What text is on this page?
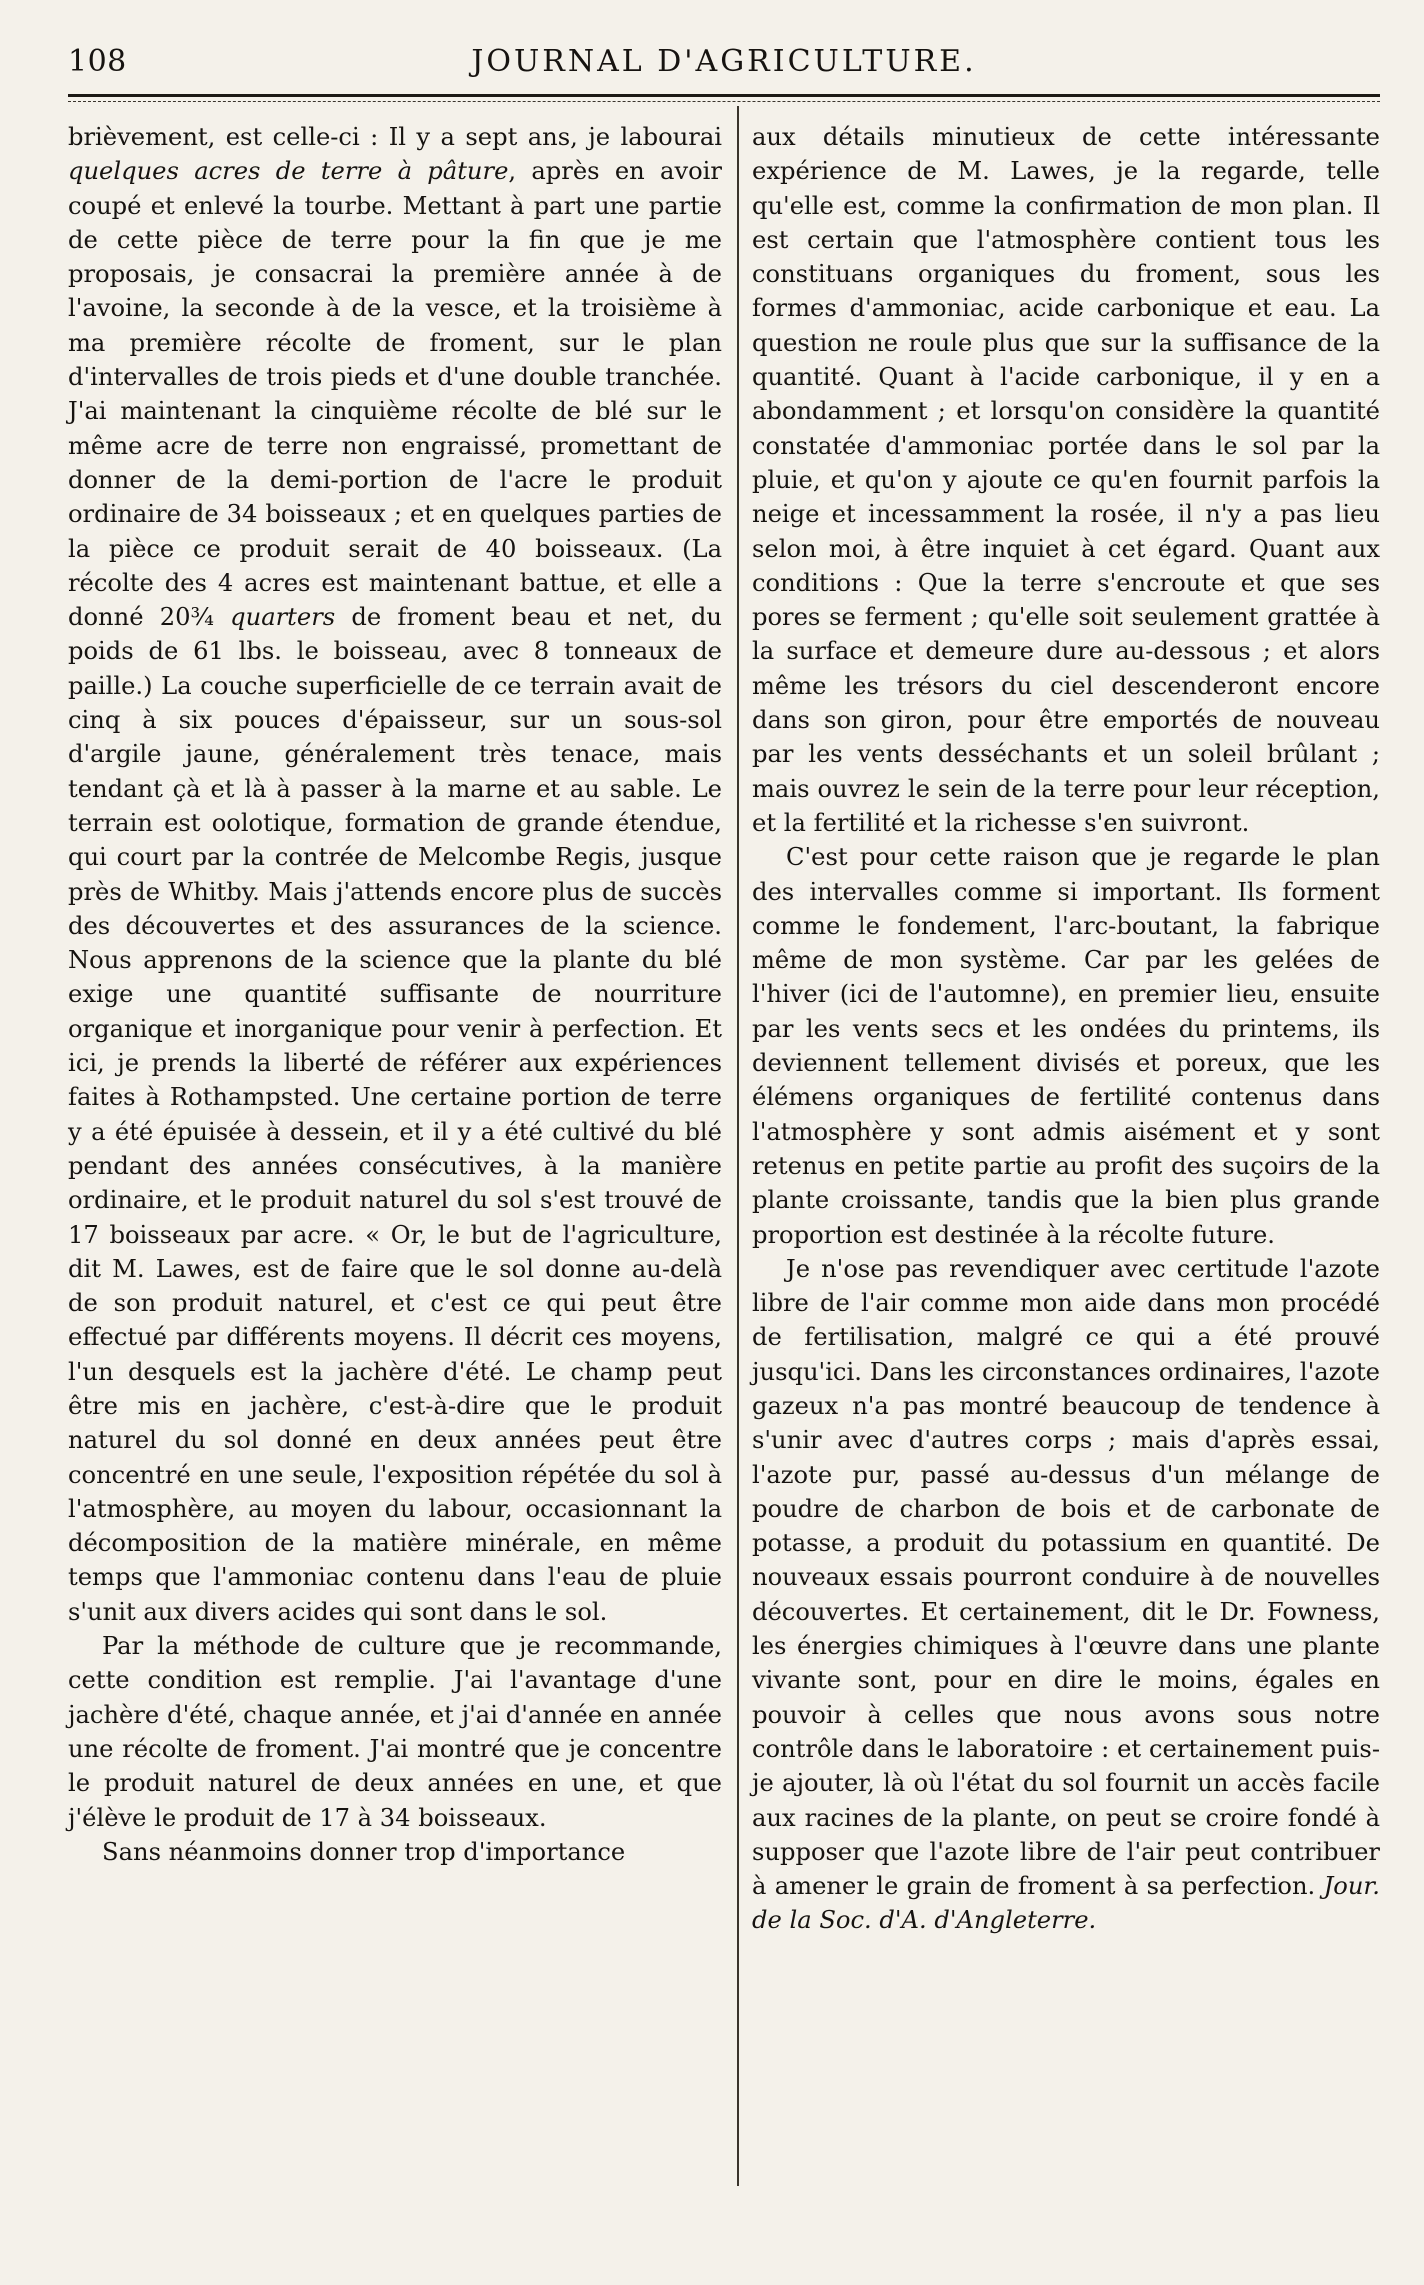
108	JOURNAL D'AGRICULTURE.

brièvement, est celle-ci : Il y a sept ans, je labourai quelques acres de terre à pâture, après en avoir coupé et enlevé la tourbe. Mettant à part une partie de cette pièce de terre pour la fin que je me proposais, je consacrai la première année à de l'avoine, la seconde à de la vesce, et la troisième à ma première récolte de froment, sur le plan d'intervalles de trois pieds et d'une double tranchée. J'ai maintenant la cinquième récolte de blé sur le même acre de terre non engraissé, promettant de donner de la demi-portion de l'acre le produit ordinaire de 34 boisseaux ; et en quelques parties de la pièce ce produit serait de 40 boisseaux. (La récolte des 4 acres est maintenant battue, et elle a donné 20¾ quarters de froment beau et net, du poids de 61 lbs. le boisseau, avec 8 tonneaux de paille.) La couche superficielle de ce terrain avait de cinq à six pouces d'épaisseur, sur un sous-sol d'argile jaune, généralement très tenace, mais tendant çà et là à passer à la marne et au sable. Le terrain est oolotique, formation de grande étendue, qui court par la contrée de Melcombe Regis, jusque près de Whitby. Mais j'attends encore plus de succès des découvertes et des assurances de la science. Nous apprenons de la science que la plante du blé exige une quantité suffisante de nourriture organique et inorganique pour venir à perfection. Et ici, je prends la liberté de référer aux expériences faites à Rothampsted. Une certaine portion de terre y a été épuisée à dessein, et il y a été cultivé du blé pendant des années consécutives, à la manière ordinaire, et le produit naturel du sol s'est trouvé de 17 boisseaux par acre. « Or, le but de l'agriculture, dit M. Lawes, est de faire que le sol donne au-delà de son produit naturel, et c'est ce qui peut être effectué par différents moyens. Il décrit ces moyens, l'un desquels est la jachère d'été. Le champ peut être mis en jachère, c'est-à-dire que le produit naturel du sol donné en deux années peut être concentré en une seule, l'exposition répétée du sol à l'atmosphère, au moyen du labour, occasionnant la décomposition de la matière minérale, en même temps que l'ammoniac contenu dans l'eau de pluie s'unit aux divers acides qui sont dans le sol.

Par la méthode de culture que je recommande, cette condition est remplie. J'ai l'avantage d'une jachère d'été, chaque année, et j'ai d'année en année une récolte de froment. J'ai montré que je concentre le produit naturel de deux années en une, et que j'élève le produit de 17 à 34 boisseaux.

Sans néanmoins donner trop d'importance

aux détails minutieux de cette intéressante expérience de M. Lawes, je la regarde, telle qu'elle est, comme la confirmation de mon plan. Il est certain que l'atmosphère contient tous les constituans organiques du froment, sous les formes d'ammoniac, acide carbonique et eau. La question ne roule plus que sur la suffisance de la quantité. Quant à l'acide carbonique, il y en a abondamment ; et lorsqu'on considère la quantité constatée d'ammoniac portée dans le sol par la pluie, et qu'on y ajoute ce qu'en fournit parfois la neige et incessamment la rosée, il n'y a pas lieu selon moi, à être inquiet à cet égard. Quant aux conditions : Que la terre s'encroute et que ses pores se ferment ; qu'elle soit seulement grattée à la surface et demeure dure au-dessous ; et alors même les trésors du ciel descenderont encore dans son giron, pour être emportés de nouveau par les vents desséchants et un soleil brûlant ; mais ouvrez le sein de la terre pour leur réception, et la fertilité et la richesse s'en suivront.

C'est pour cette raison que je regarde le plan des intervalles comme si important. Ils forment comme le fondement, l'arc-boutant, la fabrique même de mon système. Car par les gelées de l'hiver (ici de l'automne), en premier lieu, ensuite par les vents secs et les ondées du printems, ils deviennent tellement divisés et poreux, que les élémens organiques de fertilité contenus dans l'atmosphère y sont admis aisément et y sont retenus en petite partie au profit des suçoirs de la plante croissante, tandis que la bien plus grande proportion est destinée à la récolte future.

Je n'ose pas revendiquer avec certitude l'azote libre de l'air comme mon aide dans mon procédé de fertilisation, malgré ce qui a été prouvé jusqu'ici. Dans les circonstances ordinaires, l'azote gazeux n'a pas montré beaucoup de tendence à s'unir avec d'autres corps ; mais d'après essai, l'azote pur, passé au-dessus d'un mélange de poudre de charbon de bois et de carbonate de potasse, a produit du potassium en quantité. De nouveaux essais pourront conduire à de nouvelles découvertes. Et certainement, dit le Dr. Fowness, les énergies chimiques à l'œuvre dans une plante vivante sont, pour en dire le moins, égales en pouvoir à celles que nous avons sous notre contrôle dans le laboratoire : et certainement puis-je ajouter, là où l'état du sol fournit un accès facile aux racines de la plante, on peut se croire fondé à supposer que l'azote libre de l'air peut contribuer à amener le grain de froment à sa perfection. Jour. de la Soc. d'A. d'Angleterre.
